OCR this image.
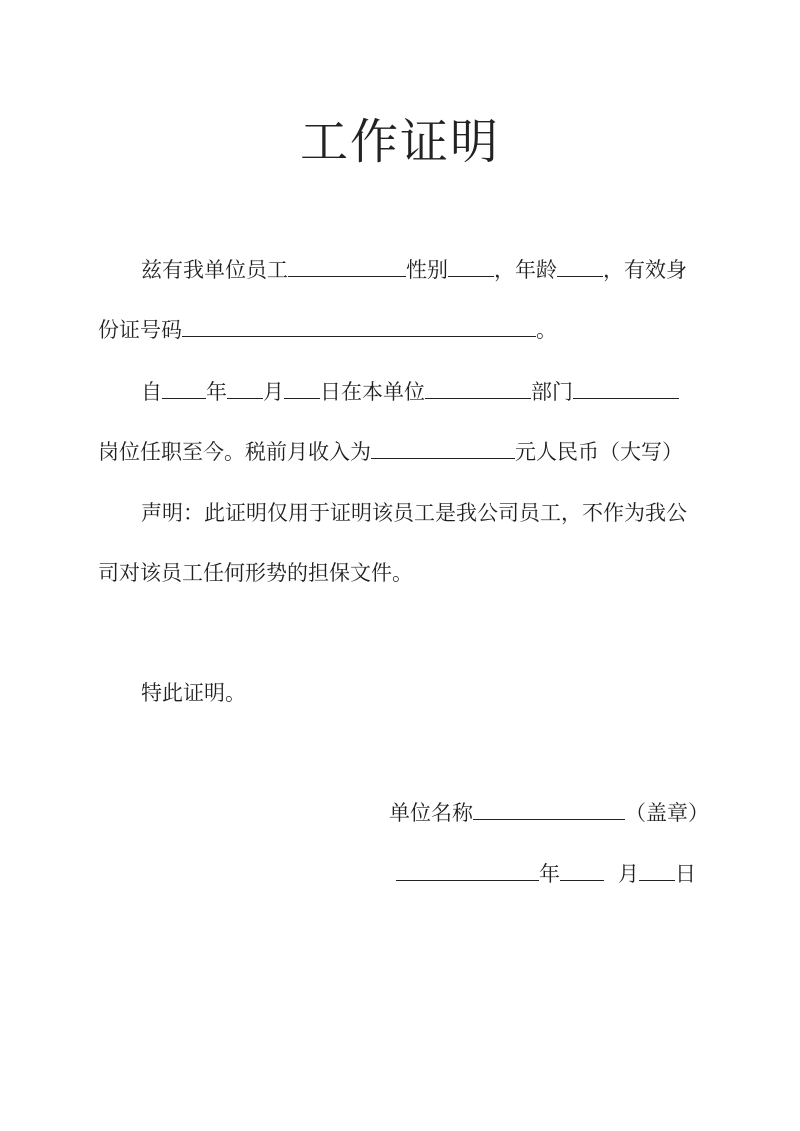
工作证明
兹有我单位员工	性别 ，年龄 ，有效身
份证号码	。
自 年 月 日在本单位	部门
岗位任职至今。税前月收入为	元人民币（大写）
声明：此证明仅用于证明该员工是我公司员工，不作为我公
司对该员工任何形势的担保文件。
特此证明。
单位名称	（盖章）
年	月 日
